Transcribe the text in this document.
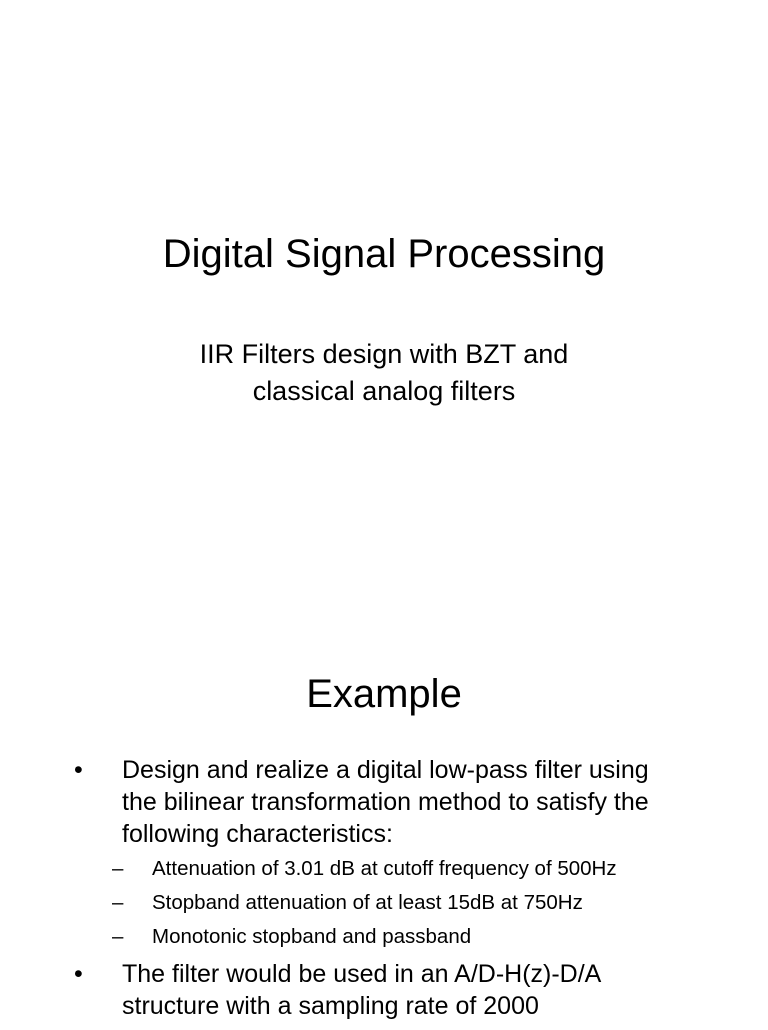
Digital Signal Processing

IIR Filters design with BZT and
classical analog filters

Example
• Design and realize a digital low-pass filter using the bilinear transformation method to satisfy the following characteristics:
– Attenuation of 3.01 dB at cutoff frequency of 500Hz
– Stopband attenuation of at least 15dB at 750Hz
– Monotonic stopband and passband
• The filter would be used in an A/D-H(z)-D/A structure with a sampling rate of 2000
